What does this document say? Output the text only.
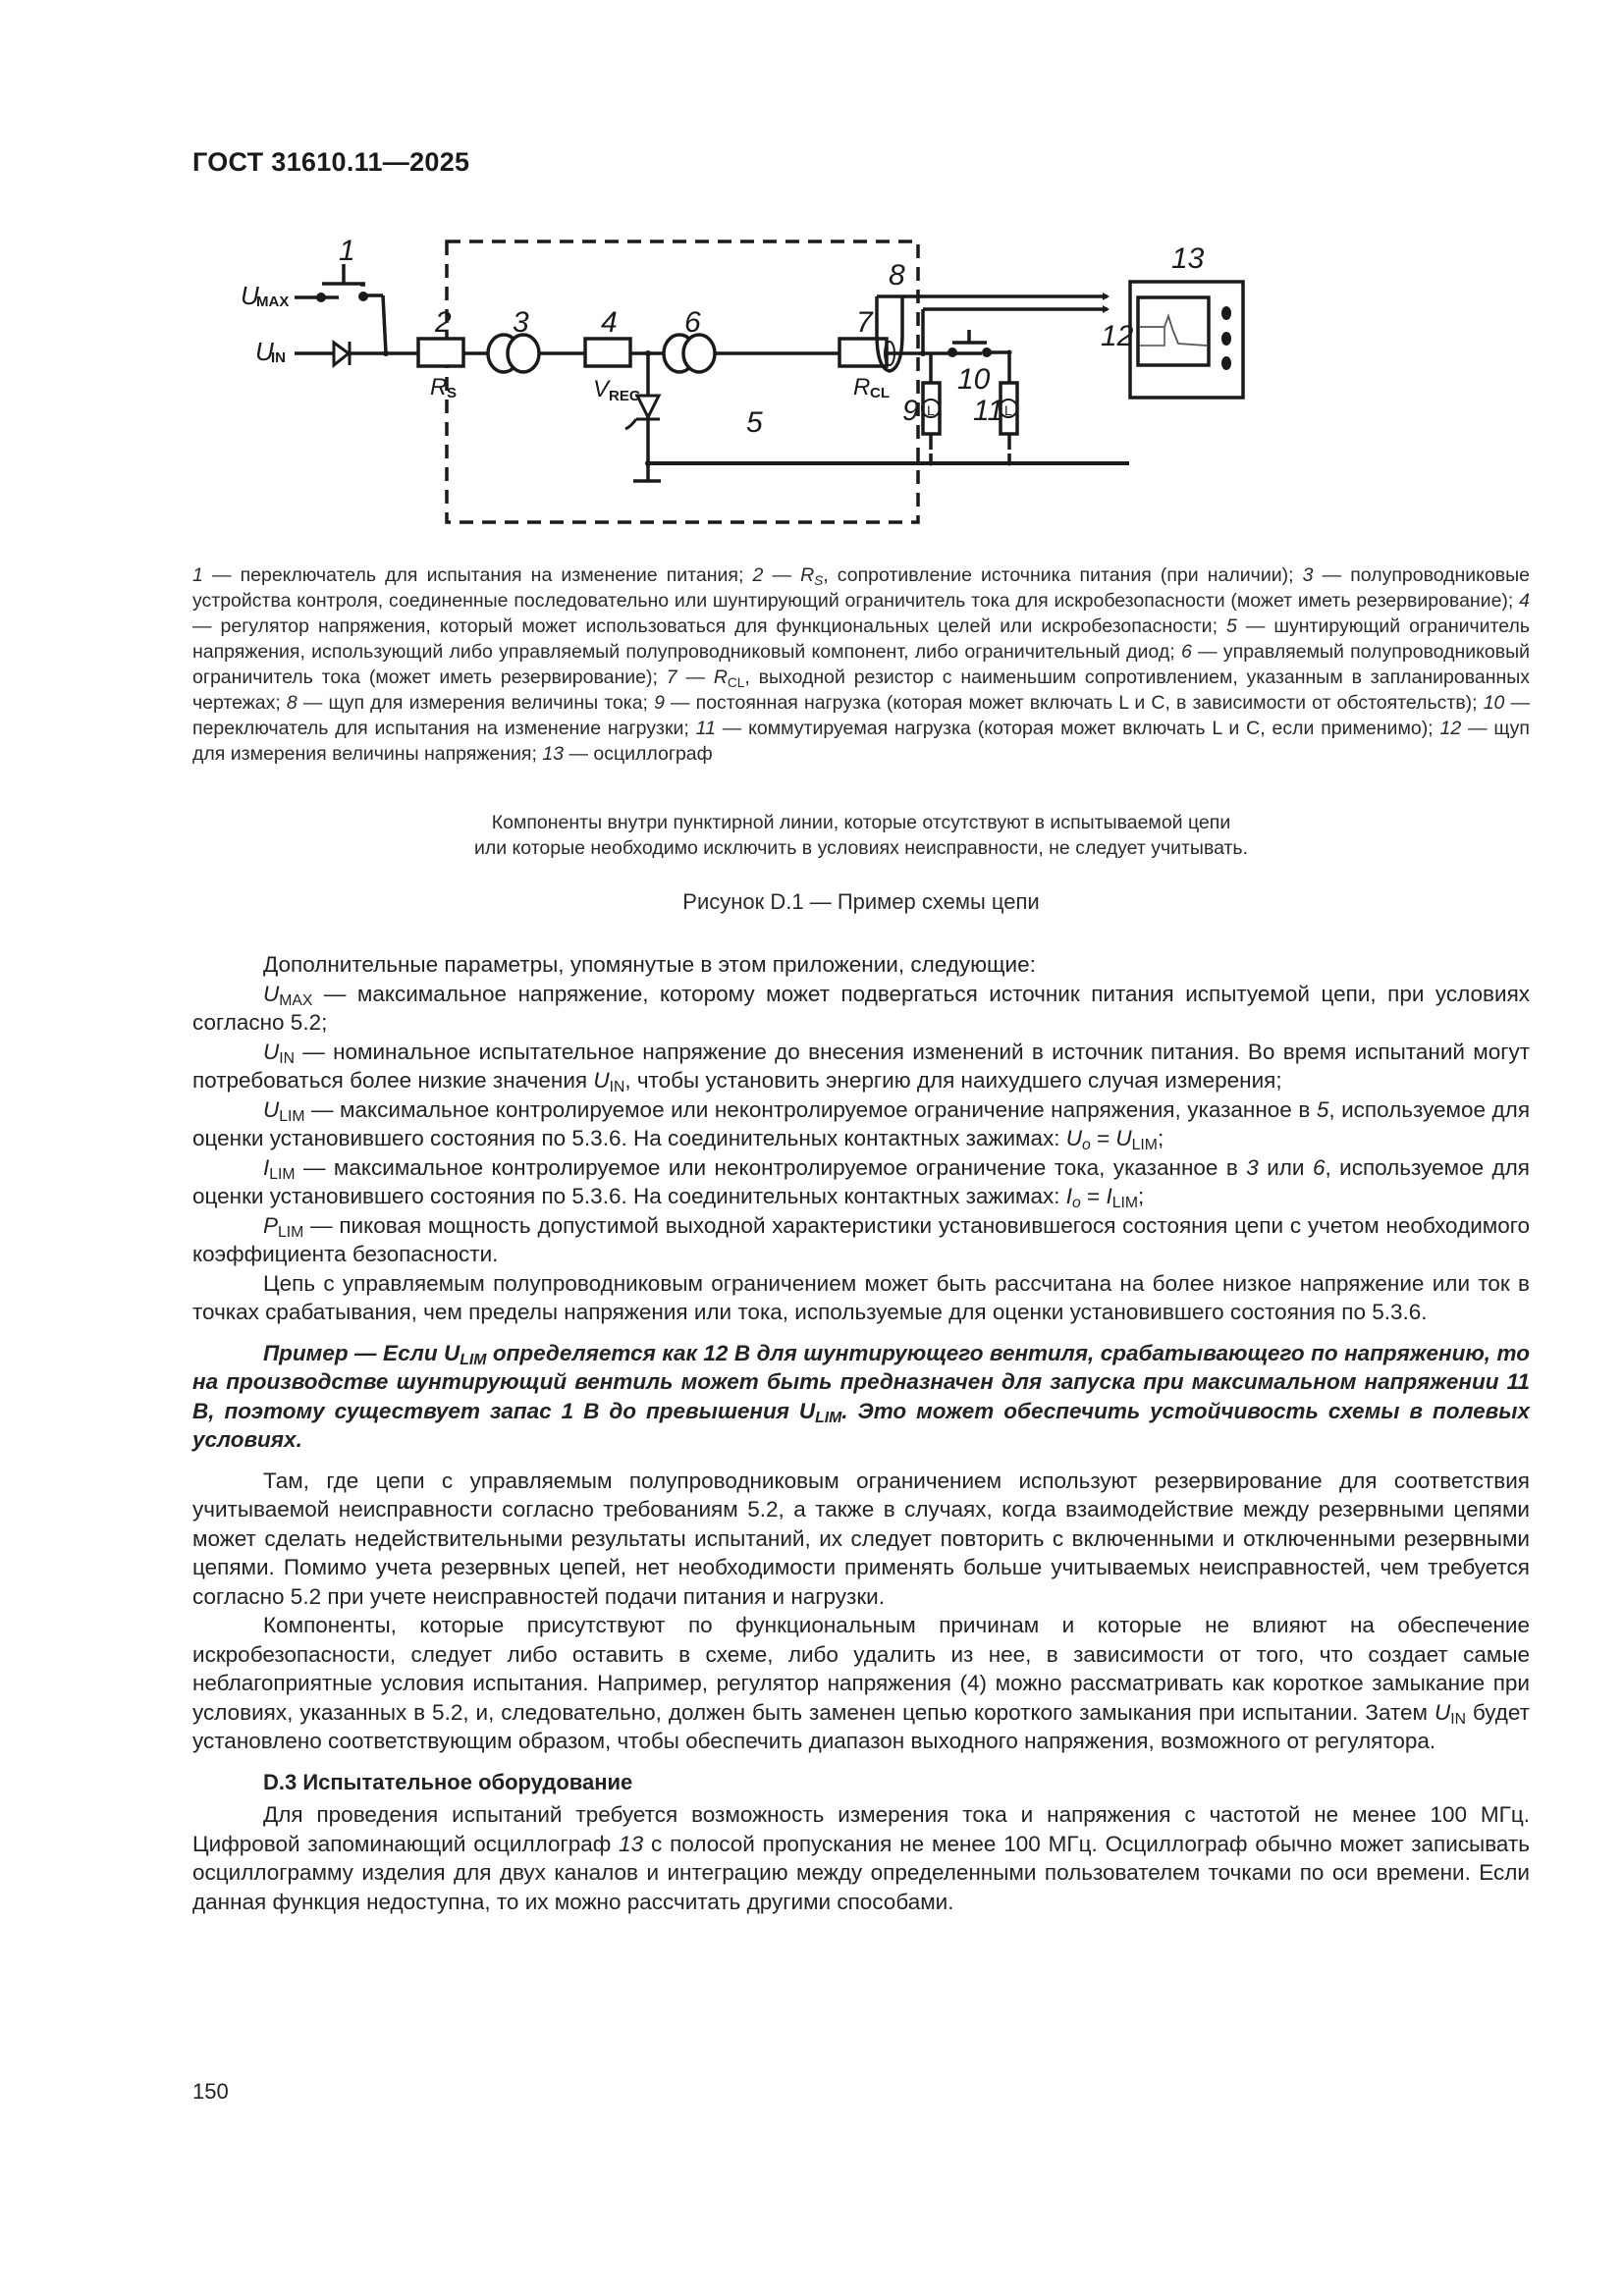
ГОСТ 31610.11—2025
U
MAX
U
IN
1
2 3 4
5
6	7
8
9
10
11
12
13
R S	V REG	R CL
L	L
1 — переключатель для испытания на изменение питания; 2 — $R_S$, сопротивление источника питания (при наличии); 3 — полупроводниковые устройства контроля, соединенные последовательно или шунтирующий ограничитель тока для искробезопасности (может иметь резервирование); 4 — регулятор напряжения, который может использоваться для функциональных целей или искробезопасности; 5 — шунтирующий ограничитель напряжения, использующий либо управляемый полупроводниковый компонент, либо ограничительный диод; 6 — управляемый полупроводниковый ограничитель тока (может иметь резервирование); 7 — $R_{CL}$, выходной резистор с наименьшим сопротивлением, указанным в запланированных чертежах; 8 — щуп для измерения величины тока; 9 — постоянная нагрузка (которая может включать L и C, в зависимости от обстоятельств); 10 — переключатель для испытания на изменение нагрузки; 11 — коммутируемая нагрузка (которая может включать L и C, если применимо); 12 — щуп для измерения величины напряжения; 13 — осциллограф
Компоненты внутри пунктирной линии, которые отсутствуют в испытываемой цепи
или которые необходимо исключить в условиях неисправности, не следует учитывать.
Рисунок D.1 — Пример схемы цепи

Дополнительные параметры, упомянутые в этом приложении, следующие:

$U_{MAX}$ — максимальное напряжение, которому может подвергаться источник питания испытуемой цепи, при условиях согласно 5.2;

$U_{IN}$ — номинальное испытательное напряжение до внесения изменений в источник питания. Во время испытаний могут потребоваться более низкие значения $U_{IN}$, чтобы установить энергию для наихудшего случая измерения;

$U_{LIM}$ — максимальное контролируемое или неконтролируемое ограничение напряжения, указанное в 5, используемое для оценки установившего состояния по 5.3.6. На соединительных контактных зажимах: $U_o = U_{LIM}$;

$I_{LIM}$ — максимальное контролируемое или неконтролируемое ограничение тока, указанное в 3 или 6, используемое для оценки установившего состояния по 5.3.6. На соединительных контактных зажимах: $I_o = I_{LIM}$;

$P_{LIM}$ — пиковая мощность допустимой выходной характеристики установившегося состояния цепи с учетом необходимого коэффициента безопасности.

Цепь с управляемым полупроводниковым ограничением может быть рассчитана на более низкое напряжение или ток в точках срабатывания, чем пределы напряжения или тока, используемые для оценки установившего состояния по 5.3.6.

Пример — Если $U_{LIM}$ определяется как 12 В для шунтирующего вентиля, срабатывающего по напряжению, то на производстве шунтирующий вентиль может быть предназначен для запуска при максимальном напряжении 11 В, поэтому существует запас 1 В до превышения $U_{LIM}$. Это может обеспечить устойчивость схемы в полевых условиях.

Там, где цепи с управляемым полупроводниковым ограничением используют резервирование для соответствия учитываемой неисправности согласно требованиям 5.2, а также в случаях, когда взаимодействие между резервными цепями может сделать недействительными результаты испытаний, их следует повторить с включенными и отключенными резервными цепями. Помимо учета резервных цепей, нет необходимости применять больше учитываемых неисправностей, чем требуется согласно 5.2 при учете неисправностей подачи питания и нагрузки.

Компоненты, которые присутствуют по функциональным причинам и которые не влияют на обеспечение искробезопасности, следует либо оставить в схеме, либо удалить из нее, в зависимости от того, что создает самые неблагоприятные условия испытания. Например, регулятор напряжения (4) можно рассматривать как короткое замыкание при условиях, указанных в 5.2, и, следовательно, должен быть заменен цепью короткого замыкания при испытании. Затем $U_{IN}$ будет установлено соответствующим образом, чтобы обеспечить диапазон выходного напряжения, возможного от регулятора.

D.3 Испытательное оборудование

Для проведения испытаний требуется возможность измерения тока и напряжения с частотой не менее 100 МГц. Цифровой запоминающий осциллограф 13 с полосой пропускания не менее 100 МГц. Осциллограф обычно может записывать осциллограмму изделия для двух каналов и интеграцию между определенными пользователем точками по оси времени. Если данная функция недоступна, то их можно рассчитать другими способами.

150
